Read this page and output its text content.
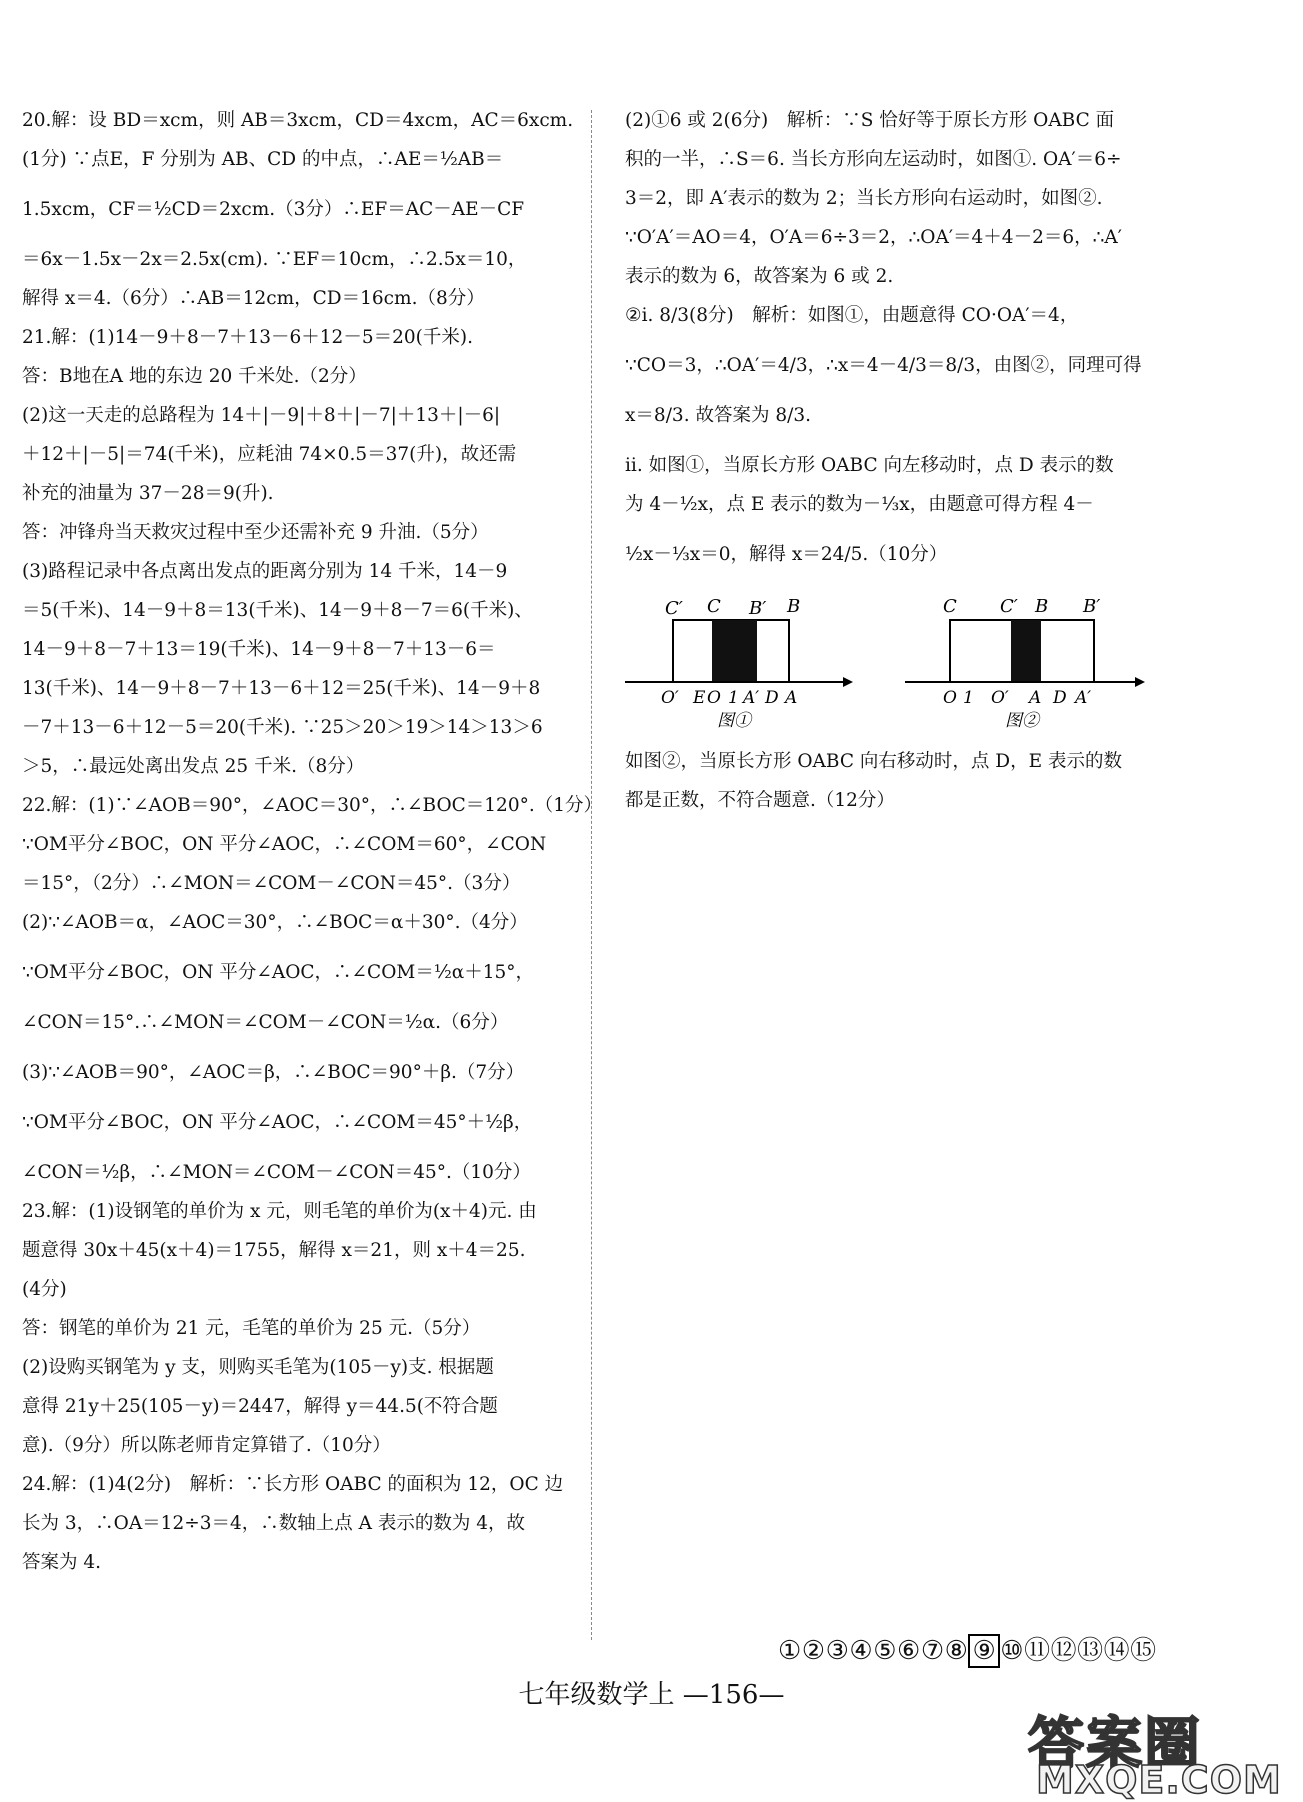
20.解：设 BD＝xcm，则 AB＝3xcm，CD＝4xcm，AC＝6xcm.
(1分) ∵点E，F 分别为 AB、CD 的中点，∴AE＝½AB＝
1.5xcm，CF＝½CD＝2xcm.（3分）∴EF＝AC－AE－CF
＝6x－1.5x－2x＝2.5x(cm). ∵EF＝10cm，∴2.5x＝10，
解得 x＝4.（6分）∴AB＝12cm，CD＝16cm.（8分）
21.解：(1)14－9＋8－7＋13－6＋12－5＝20(千米).
答：B地在A 地的东边 20 千米处.（2分）
(2)这一天走的总路程为 14＋|－9|＋8＋|－7|＋13＋|－6|
＋12＋|－5|＝74(千米)，应耗油 74×0.5＝37(升)，故还需
补充的油量为 37－28＝9(升).
答：冲锋舟当天救灾过程中至少还需补充 9 升油.（5分）
(3)路程记录中各点离出发点的距离分别为 14 千米，14－9
＝5(千米)、14－9＋8＝13(千米)、14－9＋8－7＝6(千米)、
14－9＋8－7＋13＝19(千米)、14－9＋8－7＋13－6＝
13(千米)、14－9＋8－7＋13－6＋12＝25(千米)、14－9＋8
－7＋13－6＋12－5＝20(千米). ∵25＞20＞19＞14＞13＞6
＞5，∴最远处离出发点 25 千米.（8分）
22.解：(1)∵∠AOB＝90°，∠AOC＝30°，∴∠BOC＝120°.（1分）
∵OM平分∠BOC，ON 平分∠AOC，∴∠COM＝60°，∠CON
＝15°，（2分）∴∠MON＝∠COM－∠CON＝45°.（3分）
(2)∵∠AOB＝α，∠AOC＝30°，∴∠BOC＝α＋30°.（4分）
∵OM平分∠BOC，ON 平分∠AOC，∴∠COM＝½α＋15°，
∠CON＝15°.∴∠MON＝∠COM－∠CON＝½α.（6分）
(3)∵∠AOB＝90°，∠AOC＝β，∴∠BOC＝90°＋β.（7分）
∵OM平分∠BOC，ON 平分∠AOC，∴∠COM＝45°＋½β，
∠CON＝½β，∴∠MON＝∠COM－∠CON＝45°.（10分）
23.解：(1)设钢笔的单价为 x 元，则毛笔的单价为(x＋4)元. 由
题意得 30x＋45(x＋4)＝1755，解得 x＝21，则 x＋4＝25.
(4分)
答：钢笔的单价为 21 元，毛笔的单价为 25 元.（5分）
(2)设购买钢笔为 y 支，则购买毛笔为(105－y)支. 根据题
意得 21y＋25(105－y)＝2447，解得 y＝44.5(不符合题
意).（9分）所以陈老师肯定算错了.（10分）
24.解：(1)4(2分)　解析：∵长方形 OABC 的面积为 12，OC 边
长为 3，∴OA＝12÷3＝4，∴数轴上点 A 表示的数为 4，故
答案为 4.
(2)①6 或 2(6分)　解析：∵S 恰好等于原长方形 OABC 面
积的一半，∴S＝6. 当长方形向左运动时，如图①. OA′＝6÷
3＝2，即 A′表示的数为 2；当长方形向右运动时，如图②.
∵O′A′＝AO＝4，O′A＝6÷3＝2，∴OA′＝4＋4－2＝6，∴A′
表示的数为 6，故答案为 6 或 2.
②ⅰ. 8/3(8分)　解析：如图①，由题意得 CO·OA′＝4，
∵CO＝3，∴OA′＝4/3，∴x＝4－4/3＝8/3，由图②，同理可得
x＝8/3. 故答案为 8/3.
ⅱ. 如图①，当原长方形 OABC 向左移动时，点 D 表示的数
为 4－½x，点 E 表示的数为－⅓x，由题意可得方程 4－
½x－⅓x＝0，解得 x＝24/5.（10分）
C′ C B′ B
O′ E O 1 A′ D A
图①
C C′ B B′
O 1 O′ A D A′
图②
如图②，当原长方形 OABC 向右移动时，点 D，E 表示的数
都是正数，不符合题意.（12分）
①②③④⑤⑥⑦⑧ ⑨ ⑩⑪⑫⑬⑭⑮
七年级数学上 —156—
答案圈
MXQE.COM
